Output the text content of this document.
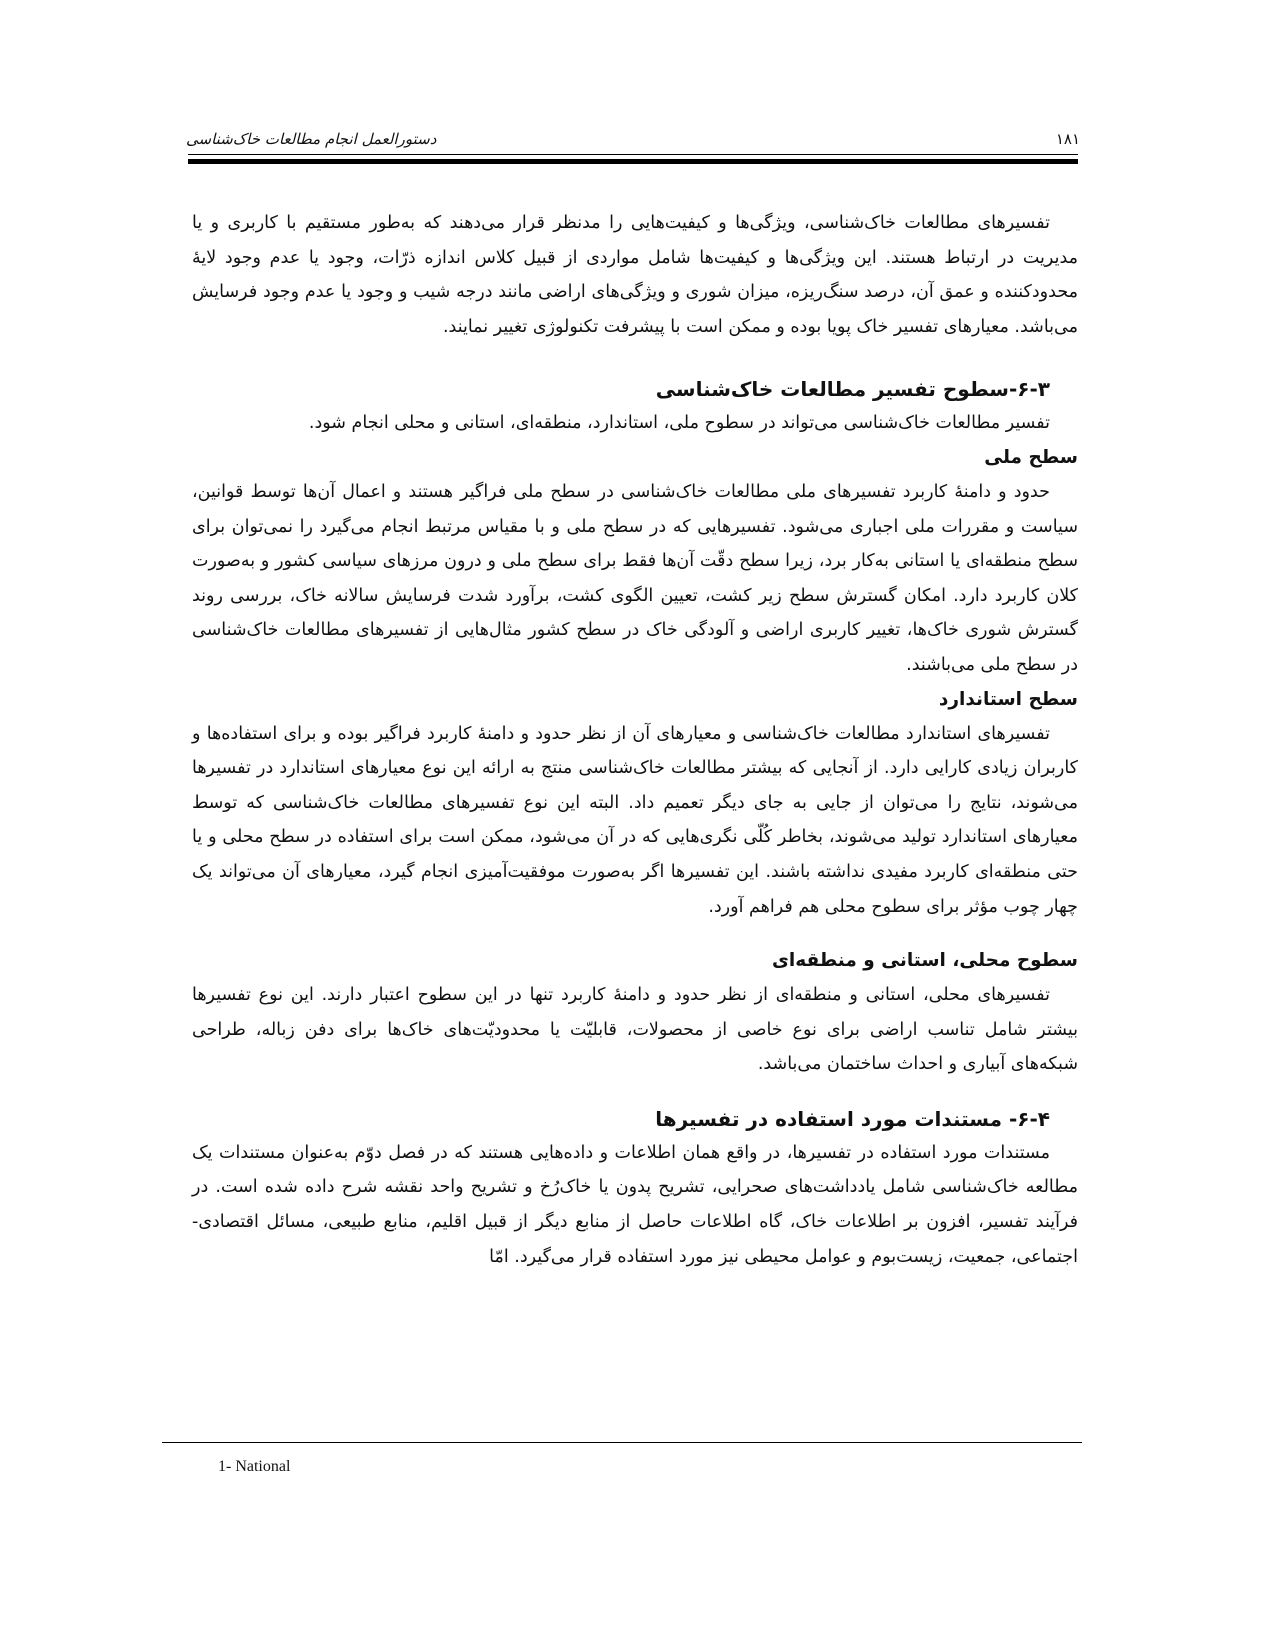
۱۸۱
دستورالعمل انجام مطالعات خاک‌شناسی

تفسیرهای مطالعات خاک‌شناسی، ویژگی‌ها و کیفیت‌هایی را مدنظر قرار می‌دهند که به‌طور مستقیم با کاربری و یا مدیریت در ارتباط هستند. این ویژگی‌ها و کیفیت‌ها شامل مواردی از قبیل کلاس اندازه ذرّات، وجود یا عدم وجود لایهٔ محدودکننده و عمق آن، درصد سنگ‌ریزه، میزان شوری و ویژگی‌های اراضی مانند درجه شیب و وجود یا عدم وجود فرسایش می‌باشد. معیارهای تفسیر خاک پویا بوده و ممکن است با پیشرفت تکنولوژی تغییر نمایند.

۶-۳-سطوح تفسیر مطالعات خاک‌شناسی

تفسیر مطالعات خاک‌شناسی می‌تواند در سطوح ملی، استاندارد، منطقه‌ای، استانی و محلی انجام شود.

سطح ملی

حدود و دامنهٔ کاربرد تفسیرهای ملی مطالعات خاک‌شناسی در سطح ملی فراگیر هستند و اعمال آن‌ها توسط قوانین، سیاست و مقررات ملی اجباری می‌شود. تفسیرهایی که در سطح ملی و با مقیاس مرتبط انجام می‌گیرد را نمی‌توان برای سطح منطقه‌ای یا استانی به‌کار برد، زیرا سطح دقّت آن‌ها فقط برای سطح ملی و درون مرزهای سیاسی کشور و به‌صورت کلان کاربرد دارد. امکان گسترش سطح زیر کشت، تعیین الگوی کشت، برآورد شدت فرسایش سالانه خاک، بررسی روند گسترش شوری خاک‌ها، تغییر کاربری اراضی و آلودگی خاک در سطح کشور مثال‌هایی از تفسیرهای مطالعات خاک‌شناسی در سطح ملی می‌باشند.

سطح استاندارد

تفسیرهای استاندارد مطالعات خاک‌شناسی و معیارهای آن از نظر حدود و دامنهٔ کاربرد فراگیر بوده و برای استفاده‌ها و کاربران زیادی کارایی دارد. از آنجایی که بیشتر مطالعات خاک‌شناسی منتج به ارائه این نوع معیارهای استاندارد در تفسیرها می‌شوند، نتایج را می‌توان از جایی به جای دیگر تعمیم داد. البته این نوع تفسیرهای مطالعات خاک‌شناسی که توسط معیارهای استاندارد تولید می‌شوند، بخاطر کُلّی نگری‌هایی که در آن می‌شود، ممکن است برای استفاده در سطح محلی و یا حتی منطقه‌ای کاربرد مفیدی نداشته باشند. این تفسیرها اگر به‌صورت موفقیت‌آمیزی انجام گیرد، معیارهای آن می‌تواند یک چهار چوب مؤثر برای سطوح محلی هم فراهم آورد.

سطوح محلی، استانی و منطقه‌ای

تفسیرهای محلی، استانی و منطقه‌ای از نظر حدود و دامنهٔ کاربرد تنها در این سطوح اعتبار دارند. این نوع تفسیرها بیشتر شامل تناسب اراضی برای نوع خاصی از محصولات، قابلیّت یا محدودیّت‌های خاک‌ها برای دفن زباله، طراحی شبکه‌های آبیاری و احداث ساختمان می‌باشد.

۶-۴- مستندات مورد استفاده در تفسیرها

مستندات مورد استفاده در تفسیرها، در واقع همان اطلاعات و داده‌هایی هستند که در فصل دوّم به‌عنوان مستندات یک مطالعه خاک‌شناسی شامل یادداشت‌های صحرایی، تشریح پدون یا خاک‌رُخ و تشریح واحد نقشه شرح داده شده است. در فرآیند تفسیر، افزون بر اطلاعات خاک، گاه اطلاعات حاصل از منابع دیگر از قبیل اقلیم، منابع طبیعی، مسائل اقتصادی-اجتماعی، جمعیت، زیست‌بوم و عوامل محیطی نیز مورد استفاده قرار می‌گیرد. امّا

1- National
